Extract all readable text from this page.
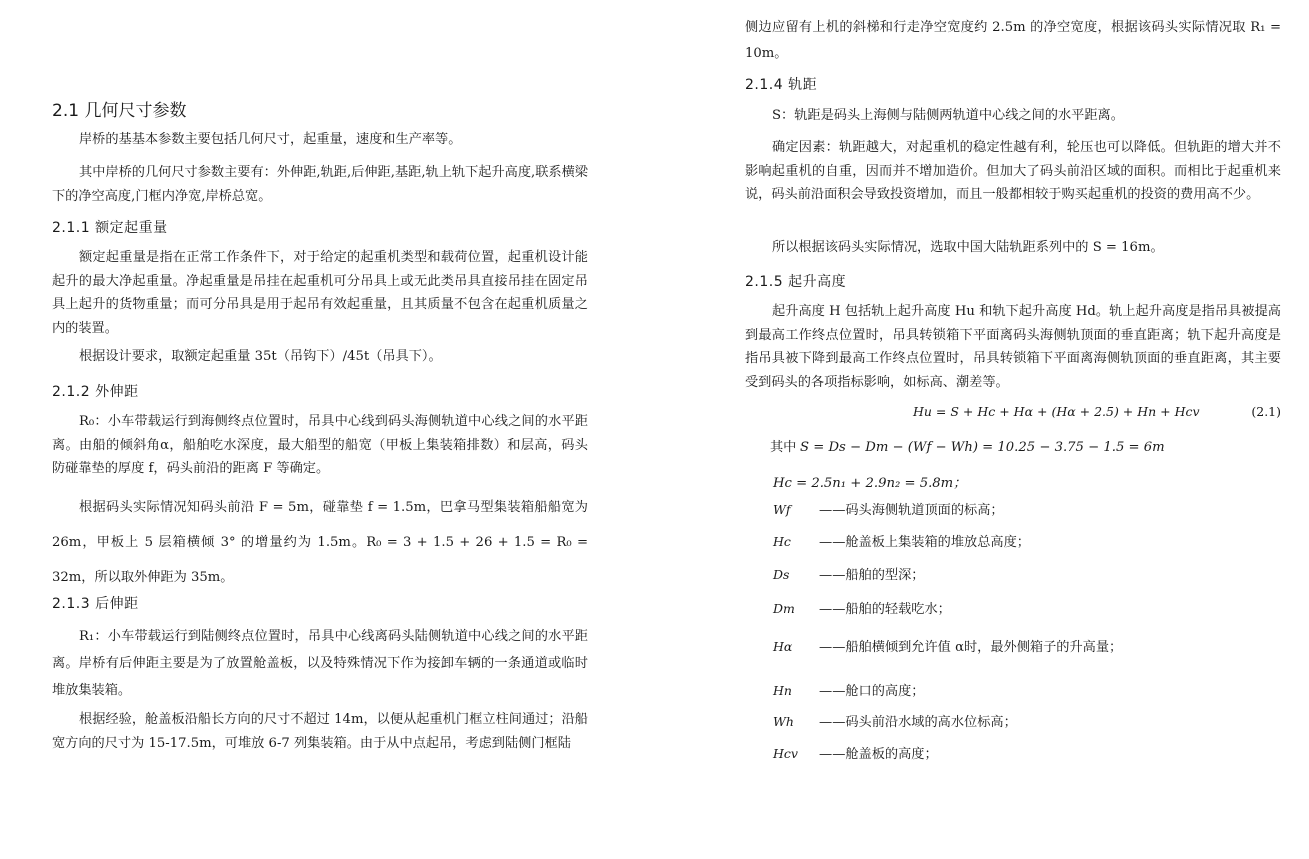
2.1 几何尺寸参数

岸桥的基基本参数主要包括几何尺寸，起重量，速度和生产率等。

其中岸桥的几何尺寸参数主要有：外伸距,轨距,后伸距,基距,轨上轨下起升高度,联系横梁下的净空高度,门框内净宽,岸桥总宽。

2.1.1 额定起重量

额定起重量是指在正常工作条件下，对于给定的起重机类型和载荷位置，起重机设计能起升的最大净起重量。净起重量是吊挂在起重机可分吊具上或无此类吊具直接吊挂在固定吊具上起升的货物重量；而可分吊具是用于起吊有效起重量，且其质量不包含在起重机质量之内的装置。

根据设计要求，取额定起重量 35t（吊钩下）/45t（吊具下）。

2.1.2 外伸距

R₀：小车带载运行到海侧终点位置时，吊具中心线到码头海侧轨道中心线之间的水平距离。由船的倾斜角α，船舶吃水深度，最大船型的船宽（甲板上集装箱排数）和层高，码头防碰靠垫的厚度 f，码头前沿的距离 F 等确定。

根据码头实际情况知码头前沿 F = 5m，碰靠垫 f = 1.5m，巴拿马型集装箱船船宽为26m，甲板上 5 层箱横倾 3° 的增量约为 1.5m。R₀ = 3 + 1.5 + 26 + 1.5 = R₀ = 32m，所以取外伸距为 35m。

2.1.3 后伸距

R₁：小车带载运行到陆侧终点位置时，吊具中心线离码头陆侧轨道中心线之间的水平距离。岸桥有后伸距主要是为了放置舱盖板，以及特殊情况下作为接卸车辆的一条通道或临时堆放集装箱。

根据经验，舱盖板沿船长方向的尺寸不超过 14m，以便从起重机门框立柱间通过；沿船宽方向的尺寸为 15-17.5m，可堆放 6-7 列集装箱。由于从中点起吊，考虑到陆侧门框陆

侧边应留有上机的斜梯和行走净空宽度约 2.5m 的净空宽度，根据该码头实际情况取 R₁ = 10m。

2.1.4 轨距

S：轨距是码头上海侧与陆侧两轨道中心线之间的水平距离。

确定因素：轨距越大，对起重机的稳定性越有利，轮压也可以降低。但轨距的增大并不影响起重机的自重，因而并不增加造价。但加大了码头前沿区域的面积。而相比于起重机来说，码头前沿面积会导致投资增加，而且一般都相较于购买起重机的投资的费用高不少。

所以根据该码头实际情况，选取中国大陆轨距系列中的 S = 16m。

2.1.5 起升高度

起升高度 H 包括轨上起升高度 Hu 和轨下起升高度 Hd。轨上起升高度是指吊具被提高到最高工作终点位置时，吊具转锁箱下平面离码头海侧轨顶面的垂直距离；轨下起升高度是指吊具被下降到最高工作终点位置时，吊具转锁箱下平面离海侧轨顶面的垂直距离，其主要受到码头的各项指标影响，如标高、潮差等。

Hu = S + Hc + Hα + (Hα + 2.5) + Hn + Hcv	(2.1)
其中 S = Ds − Dm − (Wf − Wh) = 10.25 − 3.75 − 1.5 = 6m
Hc = 2.5n₁ + 2.9n₂ = 5.8m；
Wf ——码头海侧轨道顶面的标高；
Hc ——舱盖板上集装箱的堆放总高度；
Ds ——船舶的型深；
Dm ——船舶的轻载吃水；
Hα ——船舶横倾到允许值 α时，最外侧箱子的升高量；
Hn ——舱口的高度；
Wh ——码头前沿水域的高水位标高；
Hcv ——舱盖板的高度；
